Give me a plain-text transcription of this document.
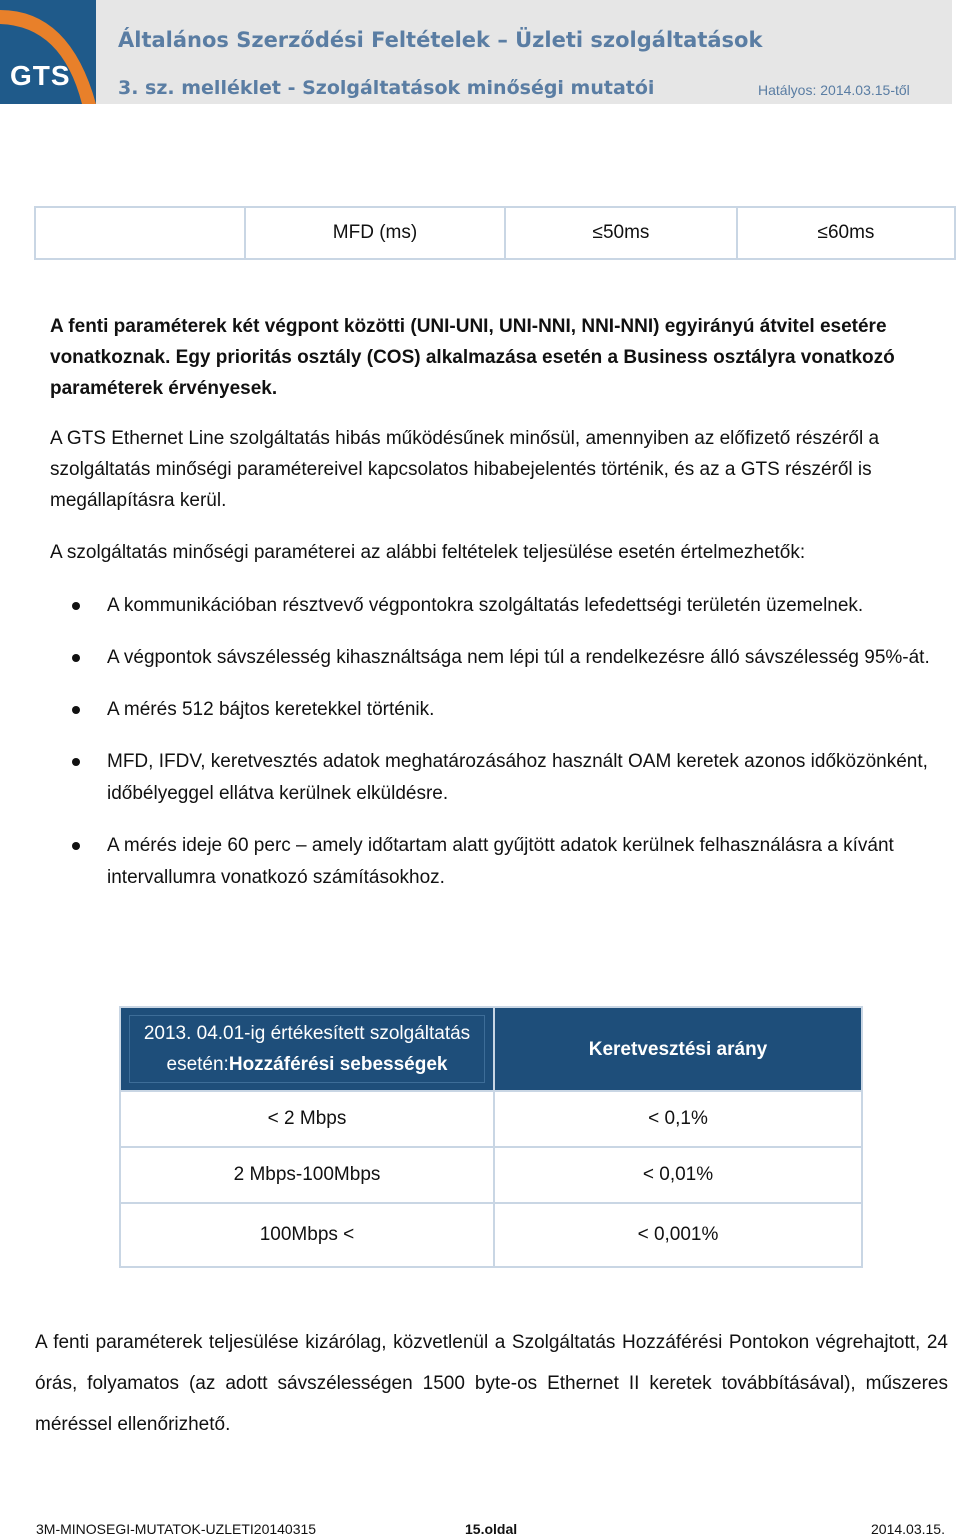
GTS
Általános Szerződési Feltételek – Üzleti szolgáltatások
3. sz. melléklet - Szolgáltatások minőségi mutatói	Hatályos: 2014.03.15-től
	MFD (ms)	≤50ms	≤60ms
A fenti paraméterek két végpont közötti (UNI-UNI, UNI-NNI, NNI-NNI) egyirányú átvitel esetére vonatkoznak. Egy prioritás osztály (COS) alkalmazása esetén a Business osztályra vonatkozó paraméterek érvényesek.
A GTS Ethernet Line szolgáltatás hibás működésűnek minősül, amennyiben az előfizető részéről a szolgáltatás minőségi paramétereivel kapcsolatos hibabejelentés történik, és az a GTS részéről is megállapításra kerül.
A szolgáltatás minőségi paraméterei az alábbi feltételek teljesülése esetén értelmezhetők:
A kommunikációban résztvevő végpontokra szolgáltatás lefedettségi területén üzemelnek.
A végpontok sávszélesség kihasználtsága nem lépi túl a rendelkezésre álló sávszélesség 95%-át.
A mérés 512 bájtos keretekkel történik.
MFD, IFDV, keretvesztés adatok meghatározásához használt OAM keretek azonos időközönként, időbélyeggel ellátva kerülnek elküldésre.
A mérés ideje 60 perc – amely időtartam alatt gyűjtött adatok kerülnek felhasználásra a kívánt intervallumra vonatkozó számításokhoz.
2013. 04.01-ig értékesített szolgáltatás esetén:Hozzáférési sebességek	Keretvesztési arány

< 2 Mbps	< 0,1%
2 Mbps-100Mbps	< 0,01%
100Mbps <	< 0,001%
A fenti paraméterek teljesülése kizárólag, közvetlenül a Szolgáltatás Hozzáférési Pontokon végrehajtott, 24 órás, folyamatos (az adott sávszélességen 1500 byte-os Ethernet II keretek továbbításával), műszeres méréssel ellenőrizhető.
3M-MINOSEGI-MUTATOK-UZLETI20140315	15.oldal	2014.03.15.
